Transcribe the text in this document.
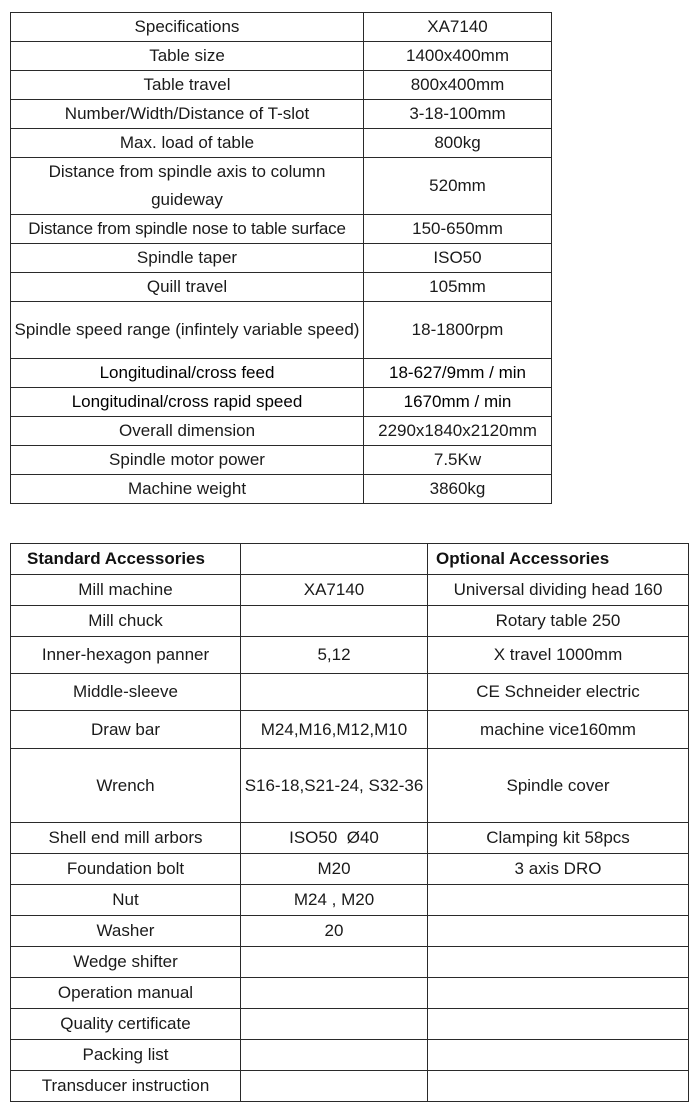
Specifications	XA7140
Table size	1400x400mm
Table travel	800x400mm
Number/Width/Distance of T-slot	3-18-100mm
Max. load of table	800kg
Distance from spindle axis to column guideway	520mm
Distance from spindle nose to table surface	150-650mm
Spindle taper	ISO50
Quill travel	105mm
Spindle speed range (infintely variable speed)	18-1800rpm
Longitudinal/cross feed	18-627/9mm / min
Longitudinal/cross rapid speed	1670mm / min
Overall dimension	2290x1840x2120mm
Spindle motor power	7.5Kw
Machine weight	3860kg
Standard Accessories		Optional Accessories
Mill machine	XA7140	Universal dividing head 160
Mill chuck		Rotary table 250
Inner-hexagon panner	5,12	X travel 1000mm
Middle-sleeve		CE Schneider electric
Draw bar	M24,M16,M12,M10	machine vice160mm
Wrench	S16-18,S21-24, S32-36	Spindle cover
Shell end mill arbors	ISO50  Ø40	Clamping kit 58pcs
Foundation bolt	M20	3 axis DRO
Nut	M24 , M20	
Washer	20	
Wedge shifter		
Operation manual		
Quality certificate		
Packing list		
Transducer instruction		
